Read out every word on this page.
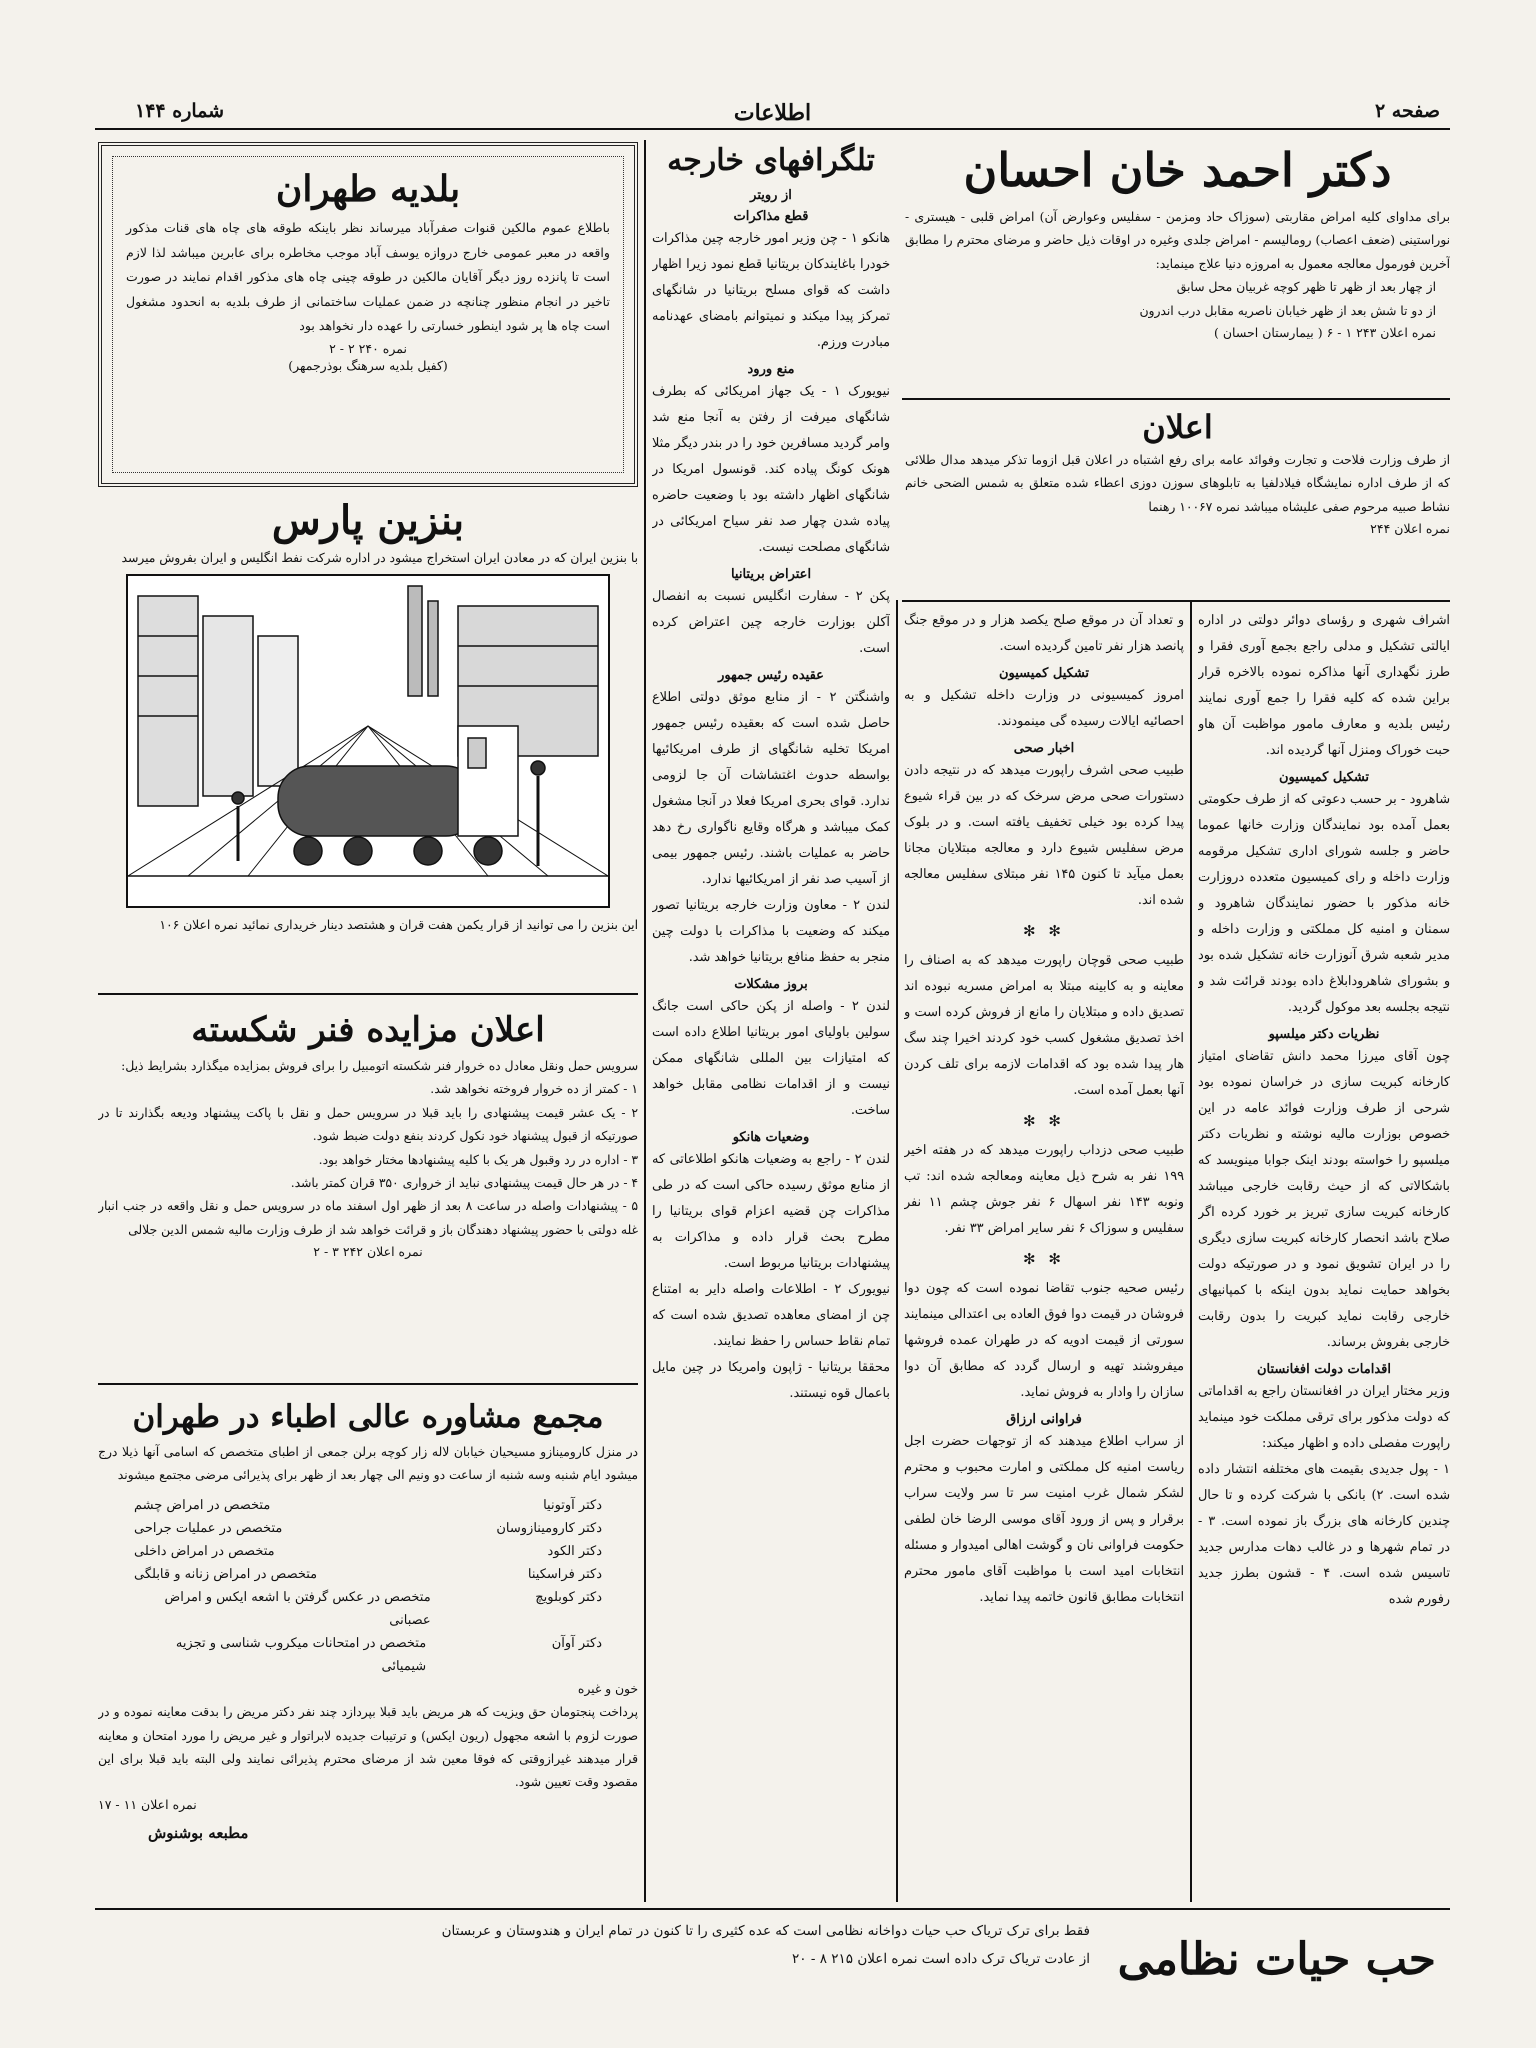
صفحه ۲
اطلاعات
شماره ۱۴۴
دکتر احمد خان احسان

برای مداوای کلیه امراض مقاربتی (سوزاک حاد ومزمن - سفلیس وعوارض آن) امراض قلبی - هیستری - نوراستینی (ضعف اعصاب) رومالیسم - امراض جلدی وغیره در اوقات ذیل حاضر و مرضای محترم را مطابق آخرین فورمول معالجه معمول به امروزه دنیا علاج مینماید:

از چهار بعد از ظهر تا ظهر کوچه غربیان محل سابق

از دو تا شش بعد از ظهر خیابان ناصریه مقابل درب اندرون

نمره اعلان ۲۴۳ ۱ - ۶ ( بیمارستان احسان )

اعلان

از طرف وزارت فلاحت و تجارت وفوائد عامه برای رفع اشتباه در اعلان قبل ازوما تذکر میدهد مدال طلائی که از طرف اداره نمایشگاه فیلادلفیا به تابلوهای سوزن دوزی اعطاء شده متعلق به شمس الضحی خانم نشاط صبیه مرحوم صفی علیشاه میباشد نمره ۱۰۰۶۷ رهنما

نمره اعلان ۲۴۴

اشراف شهری و رؤسای دوائر دولتی در اداره ایالتی تشکیل و مدلی راجع بجمع آوری فقرا و طرز نگهداری آنها مذاکره نموده بالاخره قرار براین شده که کلیه فقرا را جمع آوری نمایند رئیس بلدیه و معارف مامور مواظبت آن هاو حبت خوراک ومنزل آنها گردیده اند.

تشکیل کمیسیون

شاهرود - بر حسب دعوتی که از طرف حکومتی بعمل آمده بود نمایندگان وزارت خانها عموما حاضر و جلسه شورای اداری تشکیل مرقومه وزارت داخله و رای کمیسیون متعدده دروزارت خانه مذکور با حضور نمایندگان شاهرود و سمنان و امنیه کل مملکتی و وزارت داخله و مدیر شعبه شرق آنوزارت خانه تشکیل شده بود و بشورای شاهرودابلاغ داده بودند قرائت شد و نتیجه بجلسه بعد موکول گردید.

نظریات دکتر میلسپو

چون آقای میرزا محمد دانش تقاضای امتیاز کارخانه کبریت سازی در خراسان نموده بود شرحی از طرف وزارت فوائد عامه در این خصوص بوزارت مالیه نوشته و نظریات دکتر میلسپو را خواسته بودند اینک جوابا مینویسد که باشکالاتی که از حیث رقابت خارجی میباشد کارخانه کبریت سازی تبریز بر خورد کرده اگر صلاح باشد انحصار کارخانه کبریت سازی دیگری را در ایران تشویق نمود و در صورتیکه دولت بخواهد حمایت نماید بدون اینکه با کمپانیهای خارجی رقابت نماید کبریت را بدون رقابت خارجی بفروش برساند.

اقدامات دولت افغانستان

وزیر مختار ایران در افغانستان راجع به اقداماتی که دولت مذکور برای ترقی مملکت خود مینماید راپورت مفصلی داده و اظهار میکند:

۱ - پول جدیدی بقیمت های مختلفه انتشار داده شده است. ۲) بانکی با شرکت کرده و تا حال چندین کارخانه های بزرگ باز نموده است. ۳ - در تمام شهرها و در غالب دهات مدارس جدید تاسیس شده است. ۴ - قشون بطرز جدید رفورم شده

و تعداد آن در موقع صلح یکصد هزار و در موقع جنگ پانصد هزار نفر تامین گردیده است.

تشکیل کمیسیون

امروز کمیسیونی در وزارت داخله تشکیل و به احصائیه ایالات رسیده گی مینمودند.

اخبار صحی

طبیب صحی اشرف راپورت میدهد که در نتیجه دادن دستورات صحی مرض سرخک که در بین قراء شیوع پیدا کرده بود خیلی تخفیف یافته است. و در بلوک مرض سفلیس شیوع دارد و معالجه مبتلایان مجانا بعمل میآید تا کنون ۱۴۵ نفر مبتلای سفلیس معالجه شده اند.

✻ ✻

طبیب صحی قوچان راپورت میدهد که به اصناف را معاینه و به کابینه مبتلا به امراض مسریه نبوده اند تصدیق داده و مبتلایان را مانع از فروش کرده است و اخذ تصدیق مشغول کسب خود کردند اخیرا چند سگ هار پیدا شده بود که اقدامات لازمه برای تلف کردن آنها بعمل آمده است.

✻ ✻

طبیب صحی دزداب راپورت میدهد که در هفته اخیر ۱۹۹ نفر به شرح ذیل معاینه ومعالجه شده اند: تب ونوبه ۱۴۳ نفر اسهال ۶ نفر جوش چشم ۱۱ نفر سفلیس و سوزاک ۶ نفر سایر امراض ۳۳ نفر.

✻ ✻

رئیس صحیه جنوب تقاضا نموده است که چون دوا فروشان در قیمت دوا فوق العاده بی اعتدالی مینمایند سورتی از قیمت ادویه که در طهران عمده فروشها میفروشند تهیه و ارسال گردد که مطابق آن دوا سازان را وادار به فروش نماید.

فراوانی ارزاق

از سراب اطلاع میدهند که از توجهات حضرت اجل ریاست امنیه کل مملکتی و امارت محبوب و محترم لشکر شمال غرب امنیت سر تا سر ولایت سراب برقرار و پس از ورود آقای موسی الرضا خان لطفی حکومت فراوانی نان و گوشت اهالی امیدوار و مسئله انتخابات امید است با مواظبت آقای مامور محترم انتخابات مطابق قانون خاتمه پیدا نماید.

تلگرافهای خارجه
از رویتر
قطع مذاکرات

هانکو ۱ - چن وزیر امور خارجه چین مذاکرات خودرا باغایندکان بریتانیا قطع نمود زیرا اظهار داشت که قوای مسلح بریتانیا در شانگهای تمرکز پیدا میکند و نمیتوانم بامضای عهدنامه مبادرت ورزم.

منع ورود

نیویورک ۱ - یک جهاز امریکائی که بطرف شانگهای میرفت از رفتن به آنجا منع شد وامر گردید مسافرین خود را در بندر دیگر مثلا هونک کونگ پیاده کند. قونسول امریکا در شانگهای اظهار داشته بود با وضعیت حاضره پیاده شدن چهار صد نفر سیاح امریکائی در شانگهای مصلحت نیست.

اعتراض بریتانیا

پکن ۲ - سفارت انگلیس نسبت به انفصال آکلن بوزارت خارجه چین اعتراض کرده است.

عقیده رئیس جمهور

واشنگتن ۲ - از منابع موثق دولتی اطلاع حاصل شده است که بعقیده رئیس جمهور امریکا تخلیه شانگهای از طرف امریکائیها بواسطه حدوث اغتشاشات آن جا لزومی ندارد. قوای بحری امریکا فعلا در آنجا مشغول کمک میباشد و هرگاه وقایع ناگواری رخ دهد حاضر به عملیات باشند. رئیس جمهور بیمی از آسیب صد نفر از امریکائیها ندارد.

لندن ۲ - معاون وزارت خارجه بریتانیا تصور میکند که وضعیت با مذاکرات با دولت چین منجر به حفظ منافع بریتانیا خواهد شد.

بروز مشکلات

لندن ۲ - واصله از پکن حاکی است جانگ سولین باولیای امور بریتانیا اطلاع داده است که امتیازات بین المللی شانگهای ممکن نیست و از اقدامات نظامی مقابل خواهد ساخت.

وضعیات هانکو

لندن ۲ - راجع به وضعیات هانکو اطلاعاتی که از منابع موثق رسیده حاکی است که در طی مذاکرات چن قضیه اعزام قوای بریتانیا را مطرح بحث قرار داده و مذاکرات به پیشنهادات بریتانیا مربوط است.

نیویورک ۲ - اطلاعات واصله دایر به امتناع چن از امضای معاهده تصدیق شده است که تمام نقاط حساس را حفظ نمایند.

محققا بریتانیا - ژاپون وامریکا در چین مایل باعمال قوه نیستند.

بلدیه طهران

باطلاع عموم مالکین قنوات صفرآباد میرساند نظر باینکه طوقه های چاه های قنات مذکور واقعه در معبر عمومی خارج دروازه یوسف آباد موجب مخاطره برای عابرین میباشد لذا لازم است تا پانزده روز دیگر آقایان مالکین در طوقه چینی چاه های مذکور اقدام نمایند در صورت تاخیر در انجام منظور چنانچه در ضمن عملیات ساختمانی از طرف بلدیه به انحدود مشغول است چاه ها پر شود اینطور خسارتی را عهده دار نخواهد بود

نمره ۲۴۰ ۲ - ۲

(کفیل بلدیه سرهنگ بوذرجمهر)

بنزین پارس

با بنزین ایران که در معادن ایران استخراج میشود در اداره شرکت نفط انگلیس و ایران بفروش میرسد

این بنزین را می توانید از قرار یکمن هفت قران و هشتصد دینار خریداری نمائید نمره اعلان ۱۰۶

اعلان مزایده فنر شکسته

سرویس حمل ونقل معادل ده خروار فنر شکسته اتومبیل را برای فروش بمزایده میگذارد بشرایط ذیل:

۱ - کمتر از ده خروار فروخته نخواهد شد.

۲ - یک عشر قیمت پیشنهادی را باید قبلا در سرویس حمل و نقل با پاکت پیشنهاد ودیعه بگذارند تا در صورتیکه از قبول پیشنهاد خود نکول کردند بنفع دولت ضبط شود.

۳ - اداره در رد وقبول هر یک با کلیه پیشنهادها مختار خواهد بود.

۴ - در هر حال قیمت پیشنهادی نباید از خرواری ۳۵۰ قران کمتر باشد.

۵ - پیشنهادات واصله در ساعت ۸ بعد از ظهر اول اسفند ماه در سرویس حمل و نقل واقعه در جنب انبار غله دولتی با حضور پیشنهاد دهندگان باز و قرائت خواهد شد از طرف وزارت مالیه شمس الدین جلالی

نمره اعلان ۲۴۲ ۳ - ۲

مجمع مشاوره عالی اطباء در طهران

در منزل کارومینازو مسیحیان خیابان لاله زار کوچه برلن جمعی از اطبای متخصص که اسامی آنها ذیلا درج میشود ایام شنبه وسه شنبه از ساعت دو ونیم الی چهار بعد از ظهر برای پذیرائی مرضی مجتمع میشوند

دکتر آوتونیا
متخصص در امراض چشم
دکتر کارومینازوسان
متخصص در عملیات جراحی
دکتر الکود
متخصص در امراض داخلی
دکتر فراسکینا
متخصص در امراض زنانه و قابلگی
دکتر کوبلویچ
متخصص در عکس گرفتن با اشعه ایکس و امراض عصبانی
دکتر آوآن
متخصص در امتحانات میکروب شناسی و تجزیه شیمیائی

خون و غیره

پرداخت پنجتومان حق ویزیت که هر مریض باید قبلا بپردازد چند نفر دکتر مریض را بدقت معاینه نموده و در صورت لزوم با اشعه مجهول (ریون ایکس) و ترتیبات جدیده لابراتوار و غیر مریض را مورد امتحان و معاینه قرار میدهند غیرازوقتی که فوقا معین شد از مرضای محترم پذیرائی نمایند ولی البته باید قبلا برای این مقصود وقت تعیین شود.

نمره اعلان ۱۱ - ۱۷

مطبعه بوشنوش

حب حیات نظامی

فقط برای ترک تریاک حب حیات دواخانه نظامی است که عده کثیری را تا کنون در تمام ایران و هندوستان و عربستان

از عادت تریاک ترک داده است نمره اعلان ۲۱۵ ۸ - ۲۰
